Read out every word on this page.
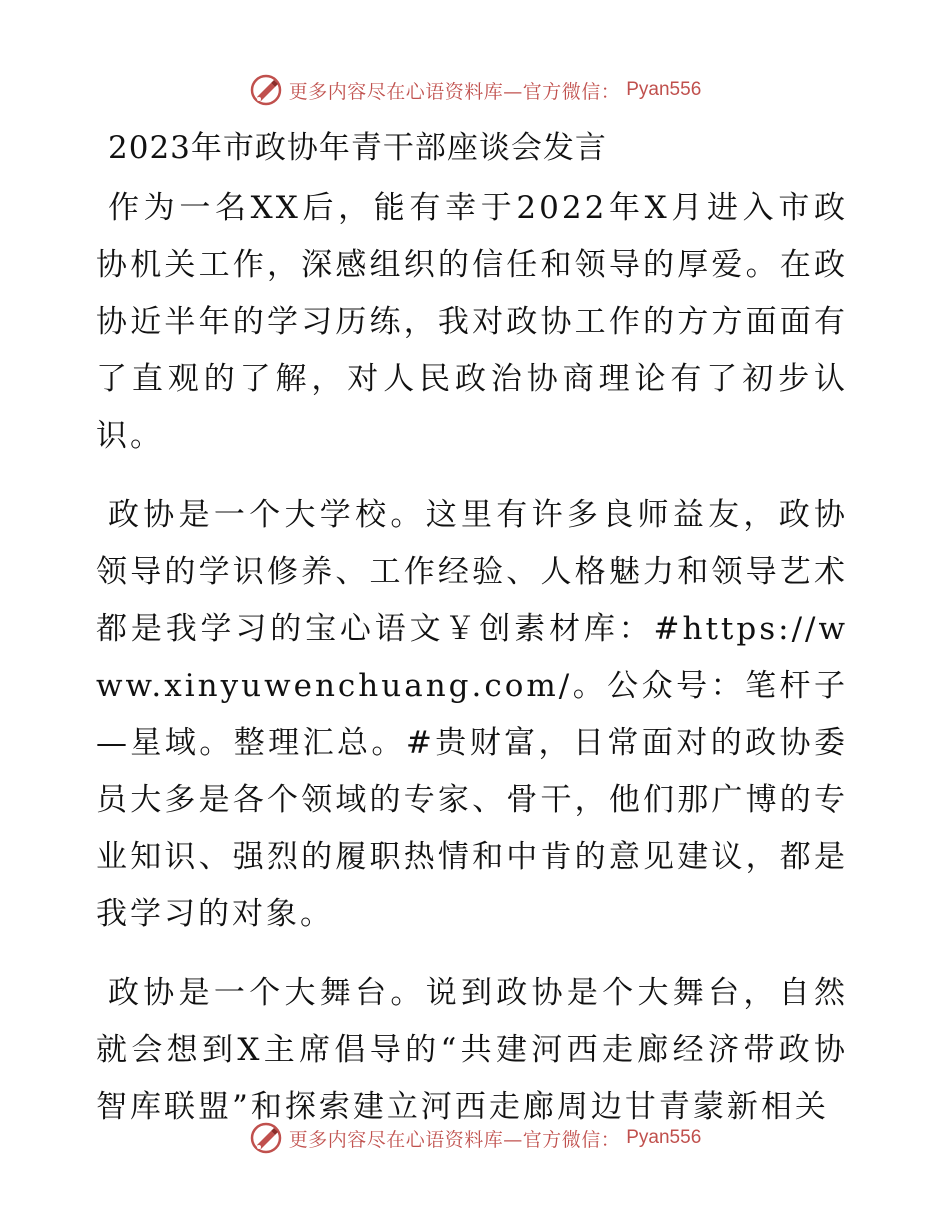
更多内容尽在心语资料库—官方微信： Pyan556
2023年市政协年青干部座谈会发言

作为一名XX后，能有幸于2022年X月进入市政协机关工作，深感组织的信任和领导的厚爱。在政协近半年的学习历练，我对政协工作的方方面面有了直观的了解，对人民政治协商理论有了初步认识。

政协是一个大学校。这里有许多良师益友，政协领导的学识修养、工作经验、人格魅力和领导艺术都是我学习的宝心语文￥创素材库：#https://www.xinyuwenchuang.com/。公众号：笔杆子—星域。整理汇总。#贵财富，日常面对的政协委员大多是各个领域的专家、骨干，他们那广博的专业知识、强烈的履职热情和中肯的意见建议，都是我学习的对象。

政协是一个大舞台。说到政协是个大舞台，自然就会想到X主席倡导的“共建河西走廊经济带政协智库联盟”和探索建立河西走廊周边甘青蒙新相关

更多内容尽在心语资料库—官方微信： Pyan556
